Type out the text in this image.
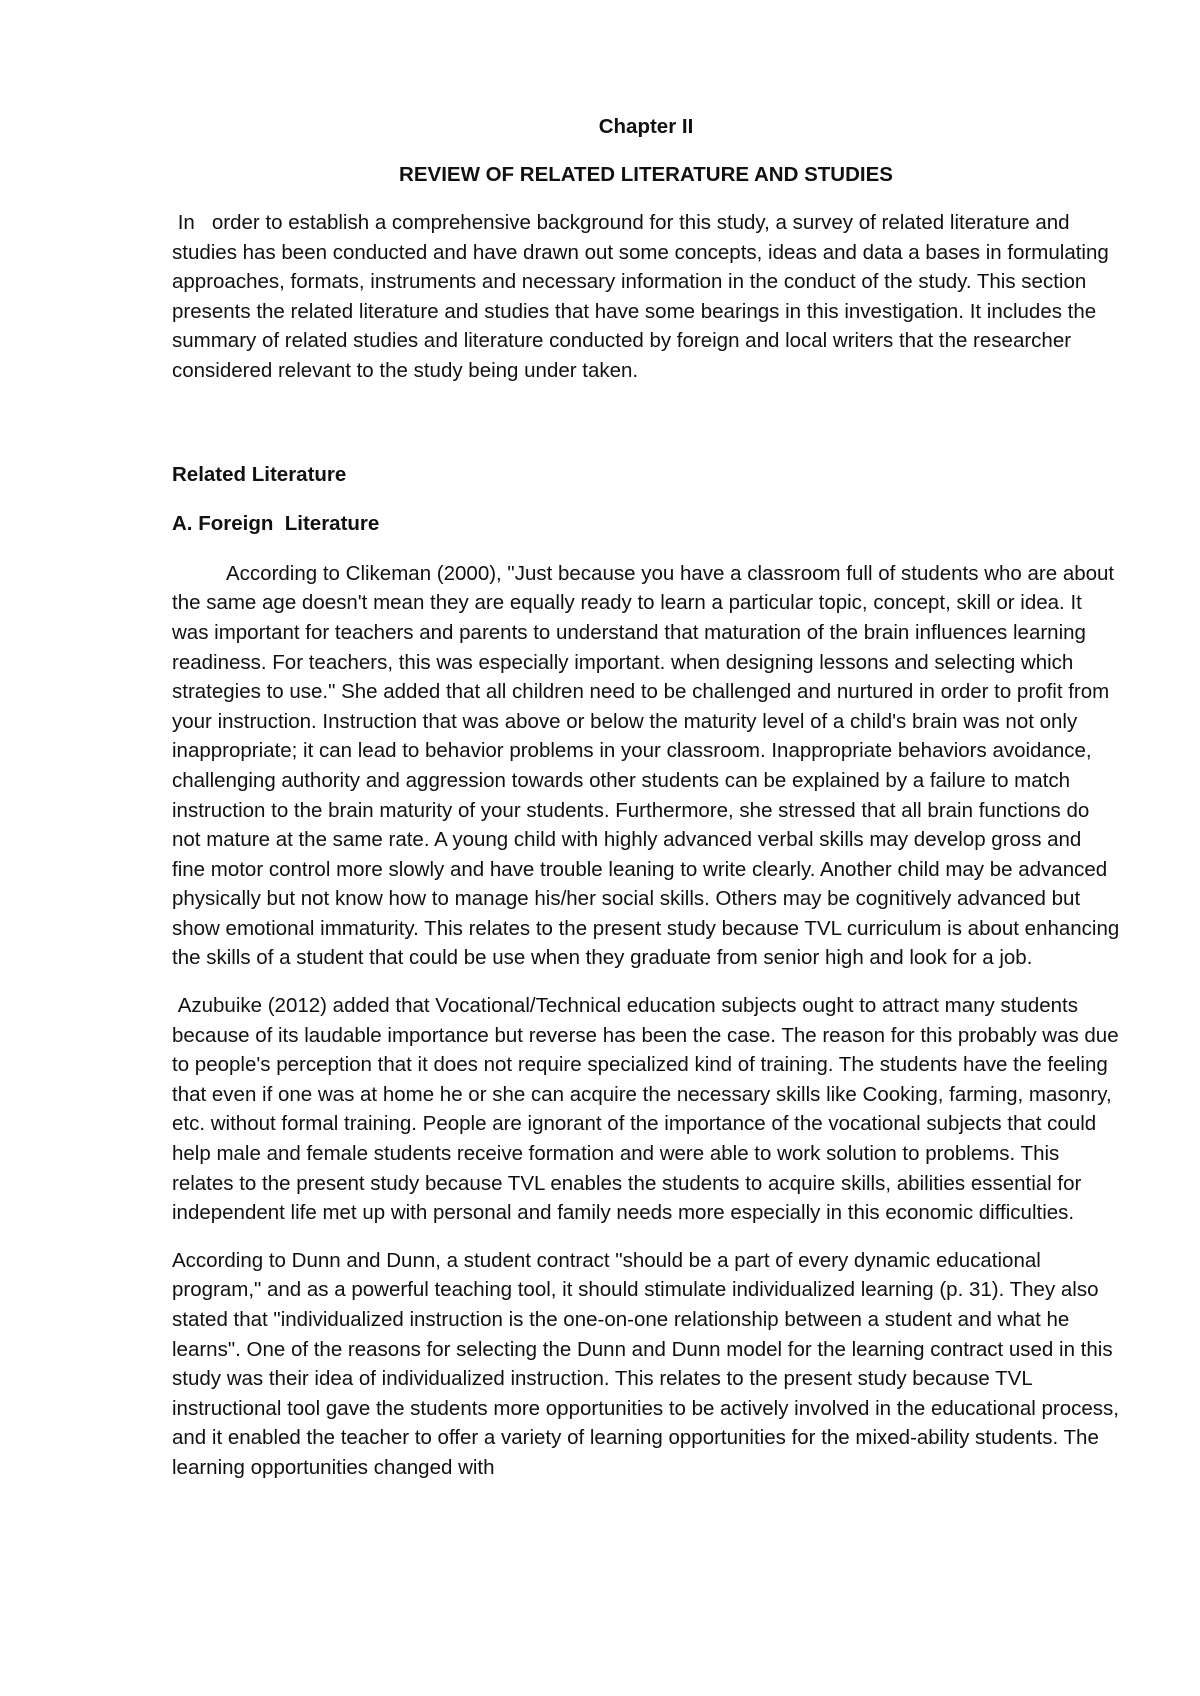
Chapter II

REVIEW OF RELATED LITERATURE AND STUDIES

In   order to establish a comprehensive background for this study, a survey of related literature and studies has been conducted and have drawn out some concepts, ideas and data a bases in formulating approaches, formats, instruments and necessary information in the conduct of the study. This section presents the related literature and studies that have some bearings in this investigation. It includes the summary of related studies and literature conducted by foreign and local writers that the researcher considered relevant to the study being under taken.

Related Literature

A. Foreign  Literature

According to Clikeman (2000), "Just because you have a classroom full of students who are about the same age doesn't mean they are equally ready to learn a particular topic, concept, skill or idea. It was important for teachers and parents to understand that maturation of the brain influences learning readiness. For teachers, this was especially important. when designing lessons and selecting which strategies to use." She added that all children need to be challenged and nurtured in order to profit from your instruction. Instruction that was above or below the maturity level of a child's brain was not only inappropriate; it can lead to behavior problems in your classroom. Inappropriate behaviors avoidance, challenging authority and aggression towards other students can be explained by a failure to match instruction to the brain maturity of your students. Furthermore, she stressed that all brain functions do not mature at the same rate. A young child with highly advanced verbal skills may develop gross and fine motor control more slowly and have trouble leaning to write clearly. Another child may be advanced physically but not know how to manage his/her social skills. Others may be cognitively advanced but show emotional immaturity. This relates to the present study because TVL curriculum is about enhancing the skills of a student that could be use when they graduate from senior high and look for a job.

Azubuike (2012) added that Vocational/Technical education subjects ought to attract many students because of its laudable importance but reverse has been the case. The reason for this probably was due to people's perception that it does not require specialized kind of training. The students have the feeling that even if one was at home he or she can acquire the necessary skills like Cooking, farming, masonry, etc. without formal training. People are ignorant of the importance of the vocational subjects that could help male and female students receive formation and were able to work solution to problems. This relates to the present study because TVL enables the students to acquire skills, abilities essential for independent life met up with personal and family needs more especially in this economic difficulties.

According to Dunn and Dunn, a student contract "should be a part of every dynamic educational program," and as a powerful teaching tool, it should stimulate individualized learning (p. 31). They also stated that "individualized instruction is the one-on-one relationship between a student and what he learns". One of the reasons for selecting the Dunn and Dunn model for the learning contract used in this study was their idea of individualized instruction. This relates to the present study because TVL instructional tool gave the students more opportunities to be actively involved in the educational process, and it enabled the teacher to offer a variety of learning opportunities for the mixed-ability students. The learning opportunities changed with
